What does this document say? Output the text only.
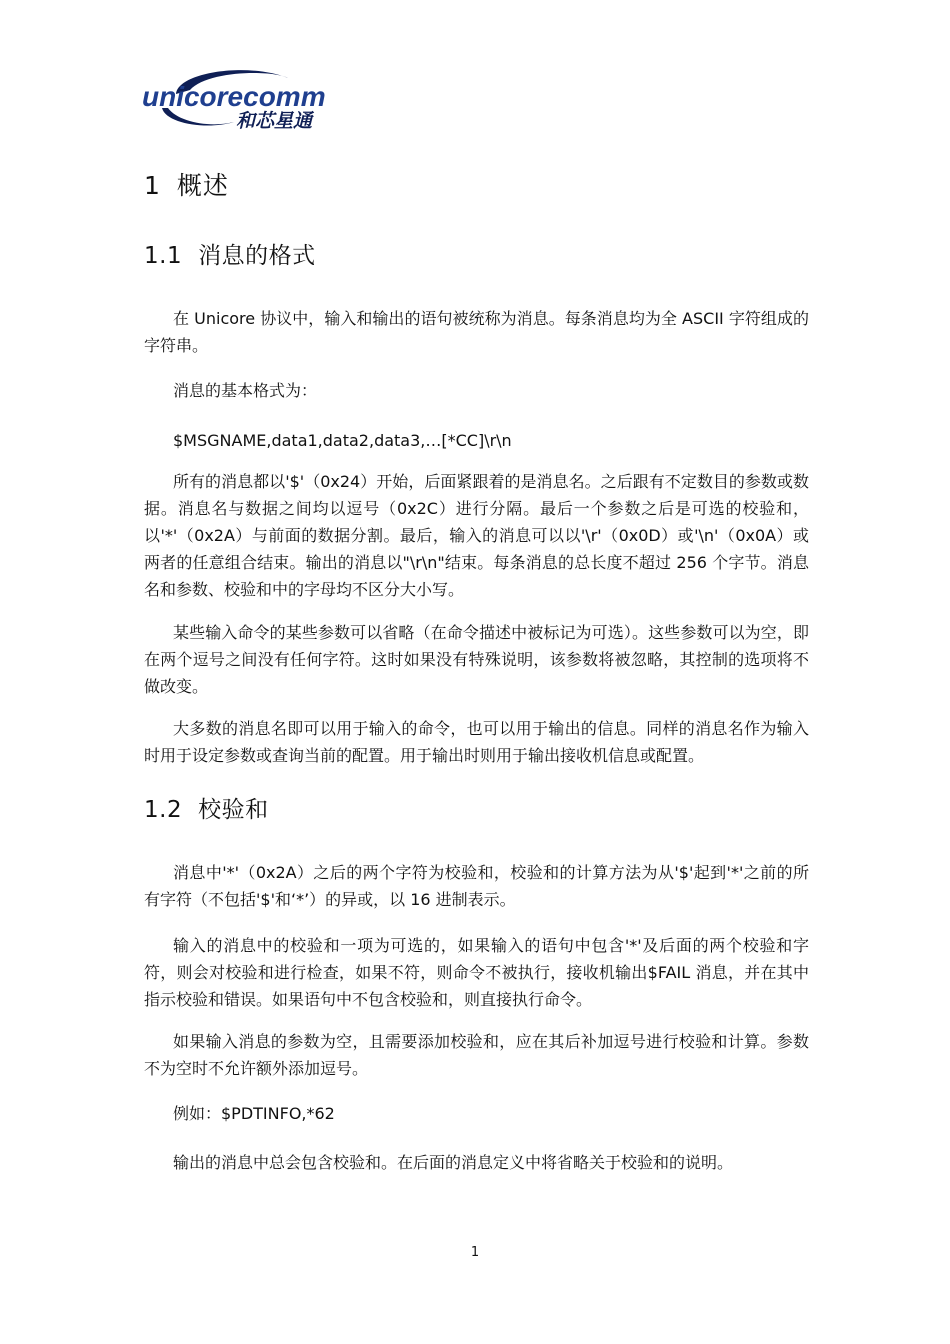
unicorecomm
和芯星通
1 概述
1.1 消息的格式
在 Unicore 协议中，输入和输出的语句被统称为消息。每条消息均为全 ASCII 字符组成的字符串。
消息的基本格式为：
$MSGNAME,data1,data2,data3,…[*CC]\r\n
所有的消息都以'$'（0x24）开始，后面紧跟着的是消息名。之后跟有不定数目的参数或数据。消息名与数据之间均以逗号（0x2C）进行分隔。最后一个参数之后是可选的校验和，以'*'（0x2A）与前面的数据分割。最后，输入的消息可以以'\r'（0x0D）或'\n'（0x0A）或两者的任意组合结束。输出的消息以"\r\n"结束。每条消息的总长度不超过 256 个字节。消息名和参数、校验和中的字母均不区分大小写。
某些输入命令的某些参数可以省略（在命令描述中被标记为可选）。这些参数可以为空，即在两个逗号之间没有任何字符。这时如果没有特殊说明，该参数将被忽略，其控制的选项将不做改变。
大多数的消息名即可以用于输入的命令，也可以用于输出的信息。同样的消息名作为输入时用于设定参数或查询当前的配置。用于输出时则用于输出接收机信息或配置。
1.2 校验和
消息中'*'（0x2A）之后的两个字符为校验和，校验和的计算方法为从'$'起到'*'之前的所有字符（不包括'$'和‘*’）的异或，以 16 进制表示。
输入的消息中的校验和一项为可选的，如果输入的语句中包含'*'及后面的两个校验和字符，则会对校验和进行检查，如果不符，则命令不被执行，接收机输出$FAIL 消息，并在其中指示校验和错误。如果语句中不包含校验和，则直接执行命令。
如果输入消息的参数为空，且需要添加校验和，应在其后补加逗号进行校验和计算。参数不为空时不允许额外添加逗号。
例如：$PDTINFO,*62
输出的消息中总会包含校验和。在后面的消息定义中将省略关于校验和的说明。
1
